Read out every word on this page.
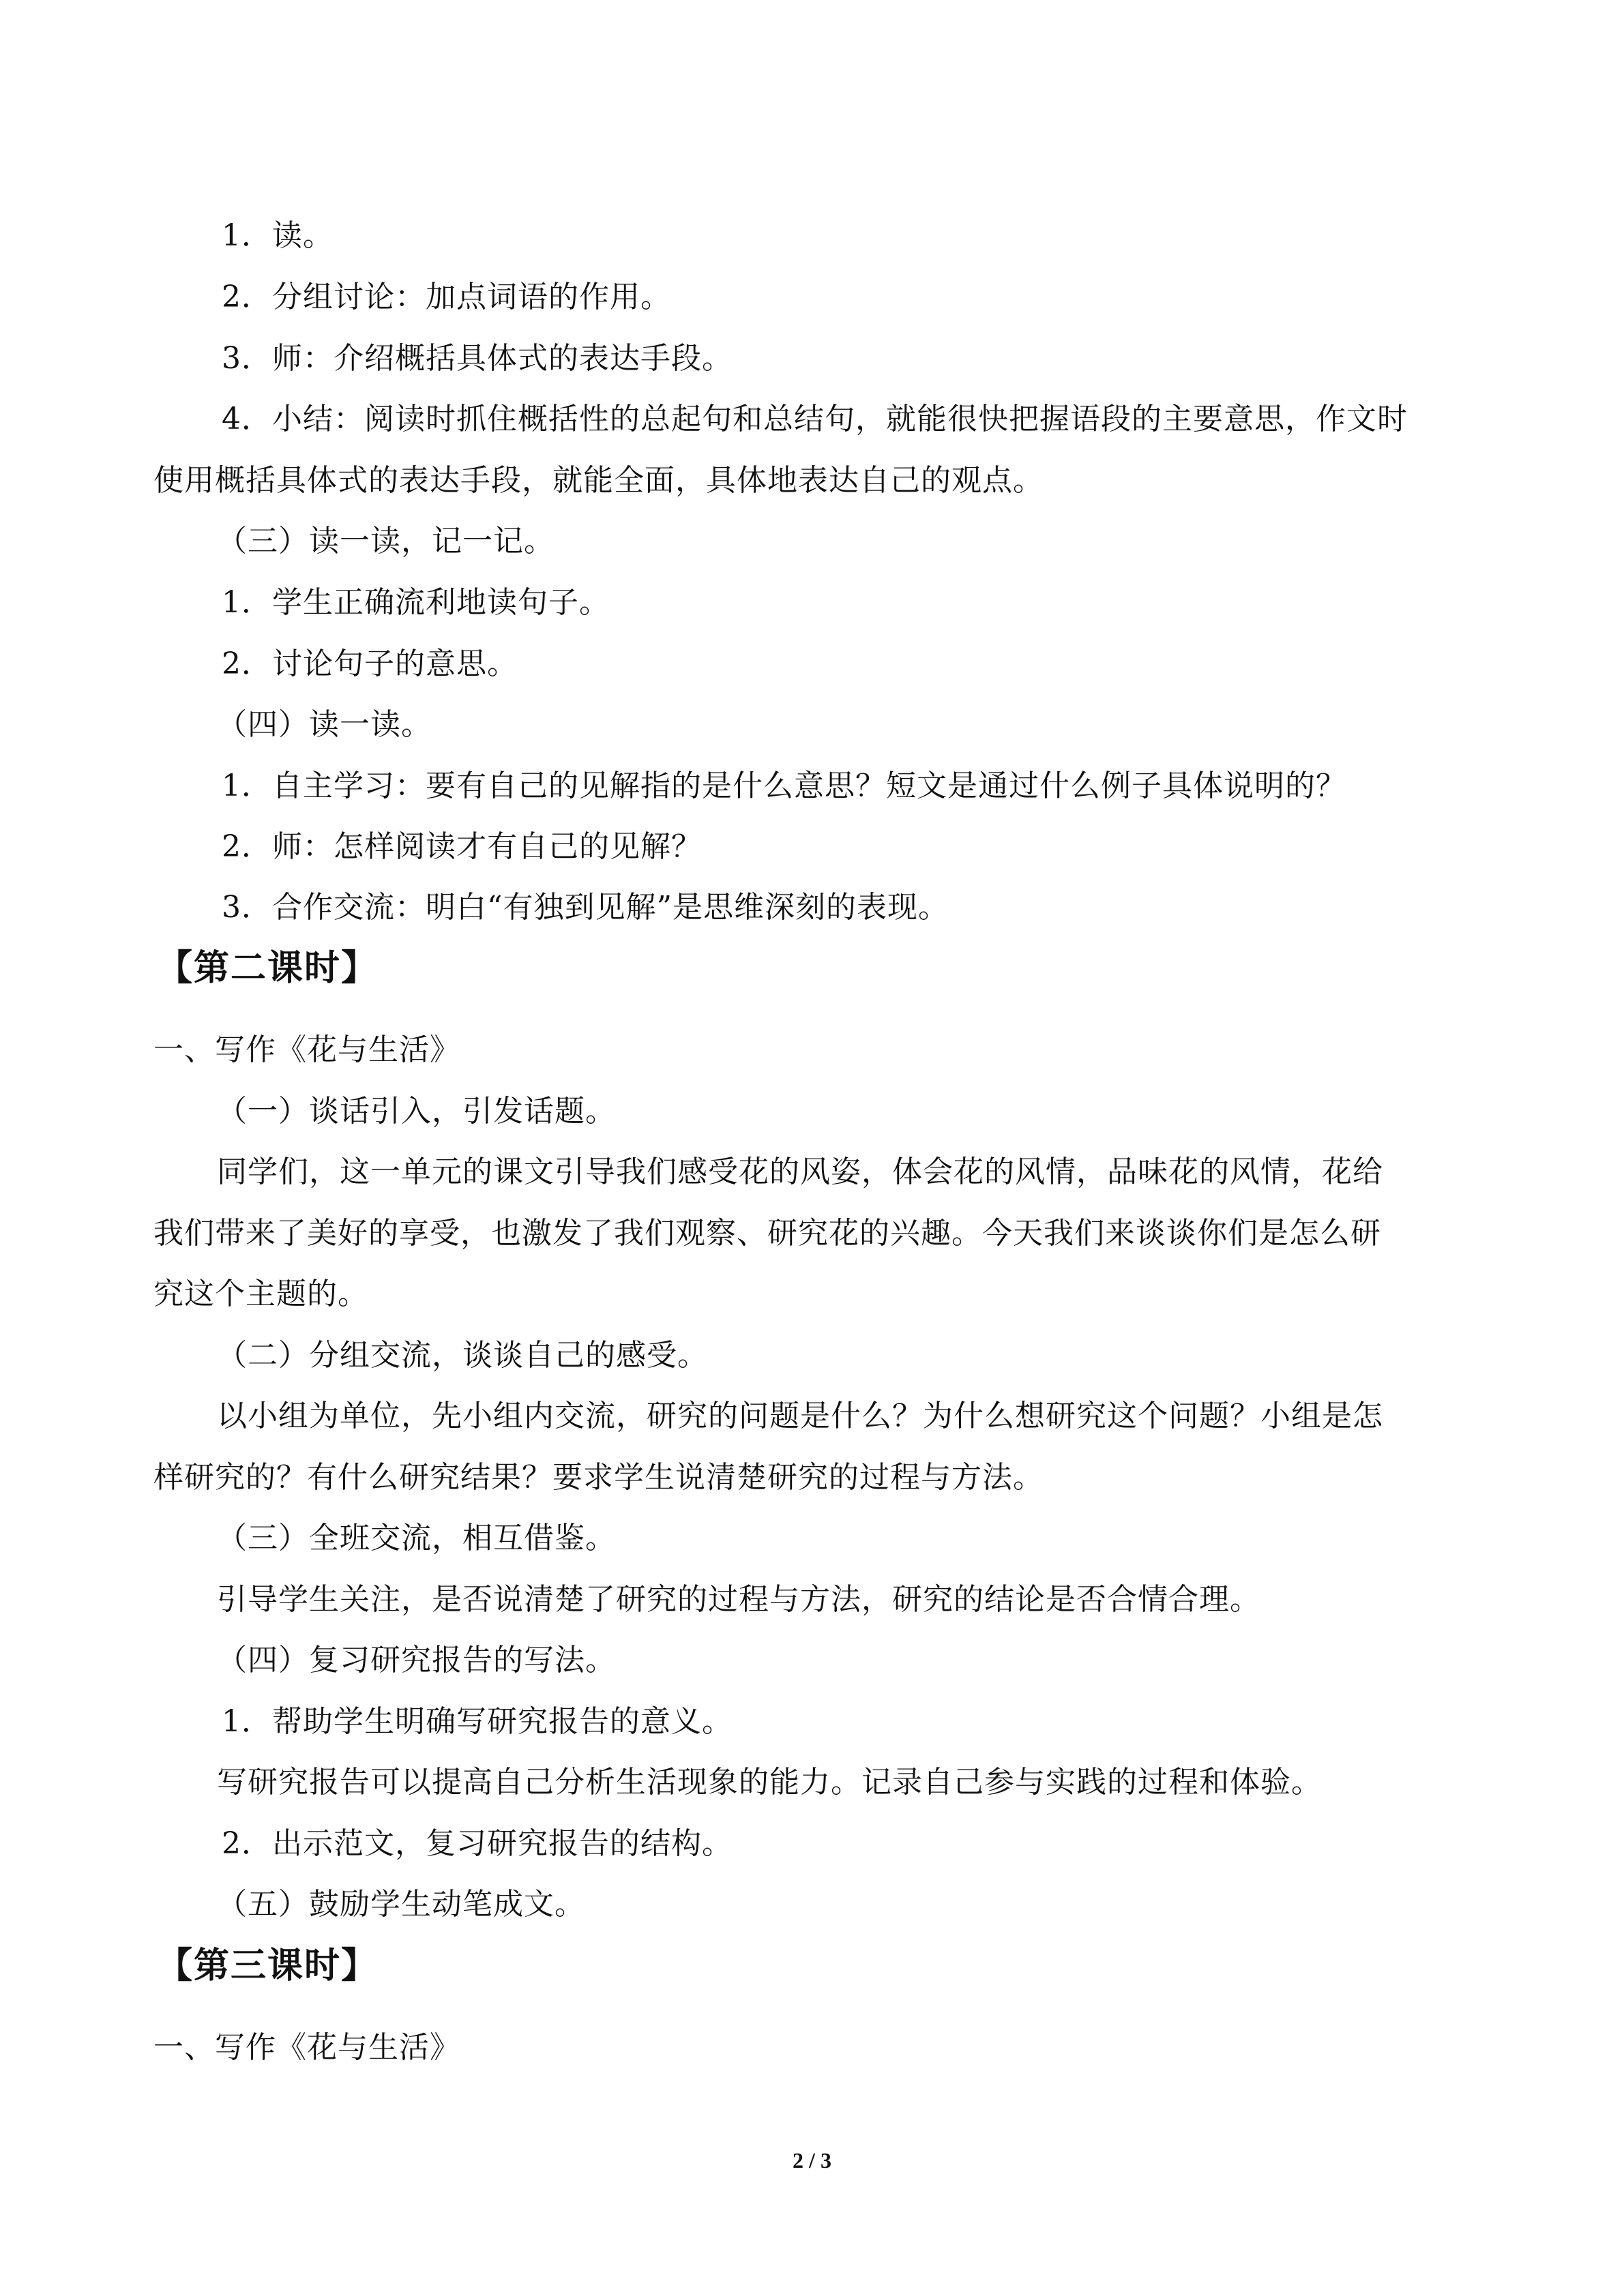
1．读。
2．分组讨论：加点词语的作用。
3．师：介绍概括具体式的表达手段。
4．小结：阅读时抓住概括性的总起句和总结句，就能很快把握语段的主要意思，作文时
使用概括具体式的表达手段，就能全面，具体地表达自己的观点。
（三）读一读，记一记。
1．学生正确流利地读句子。
2．讨论句子的意思。
（四）读一读。
1．自主学习：要有自己的见解指的是什么意思？短文是通过什么例子具体说明的？
2．师：怎样阅读才有自己的见解？
3．合作交流：明白“有独到见解”是思维深刻的表现。
【第二课时】
一、写作《花与生活》
（一）谈话引入，引发话题。
同学们，这一单元的课文引导我们感受花的风姿，体会花的风情，品味花的风情，花给
我们带来了美好的享受，也激发了我们观察、研究花的兴趣。今天我们来谈谈你们是怎么研
究这个主题的。
（二）分组交流，谈谈自己的感受。
以小组为单位，先小组内交流，研究的问题是什么？为什么想研究这个问题？小组是怎
样研究的？有什么研究结果？要求学生说清楚研究的过程与方法。
（三）全班交流，相互借鉴。
引导学生关注，是否说清楚了研究的过程与方法，研究的结论是否合情合理。
（四）复习研究报告的写法。
1．帮助学生明确写研究报告的意义。
写研究报告可以提高自己分析生活现象的能力。记录自己参与实践的过程和体验。
2．出示范文，复习研究报告的结构。
（五）鼓励学生动笔成文。
【第三课时】
一、写作《花与生活》
2 / 3
